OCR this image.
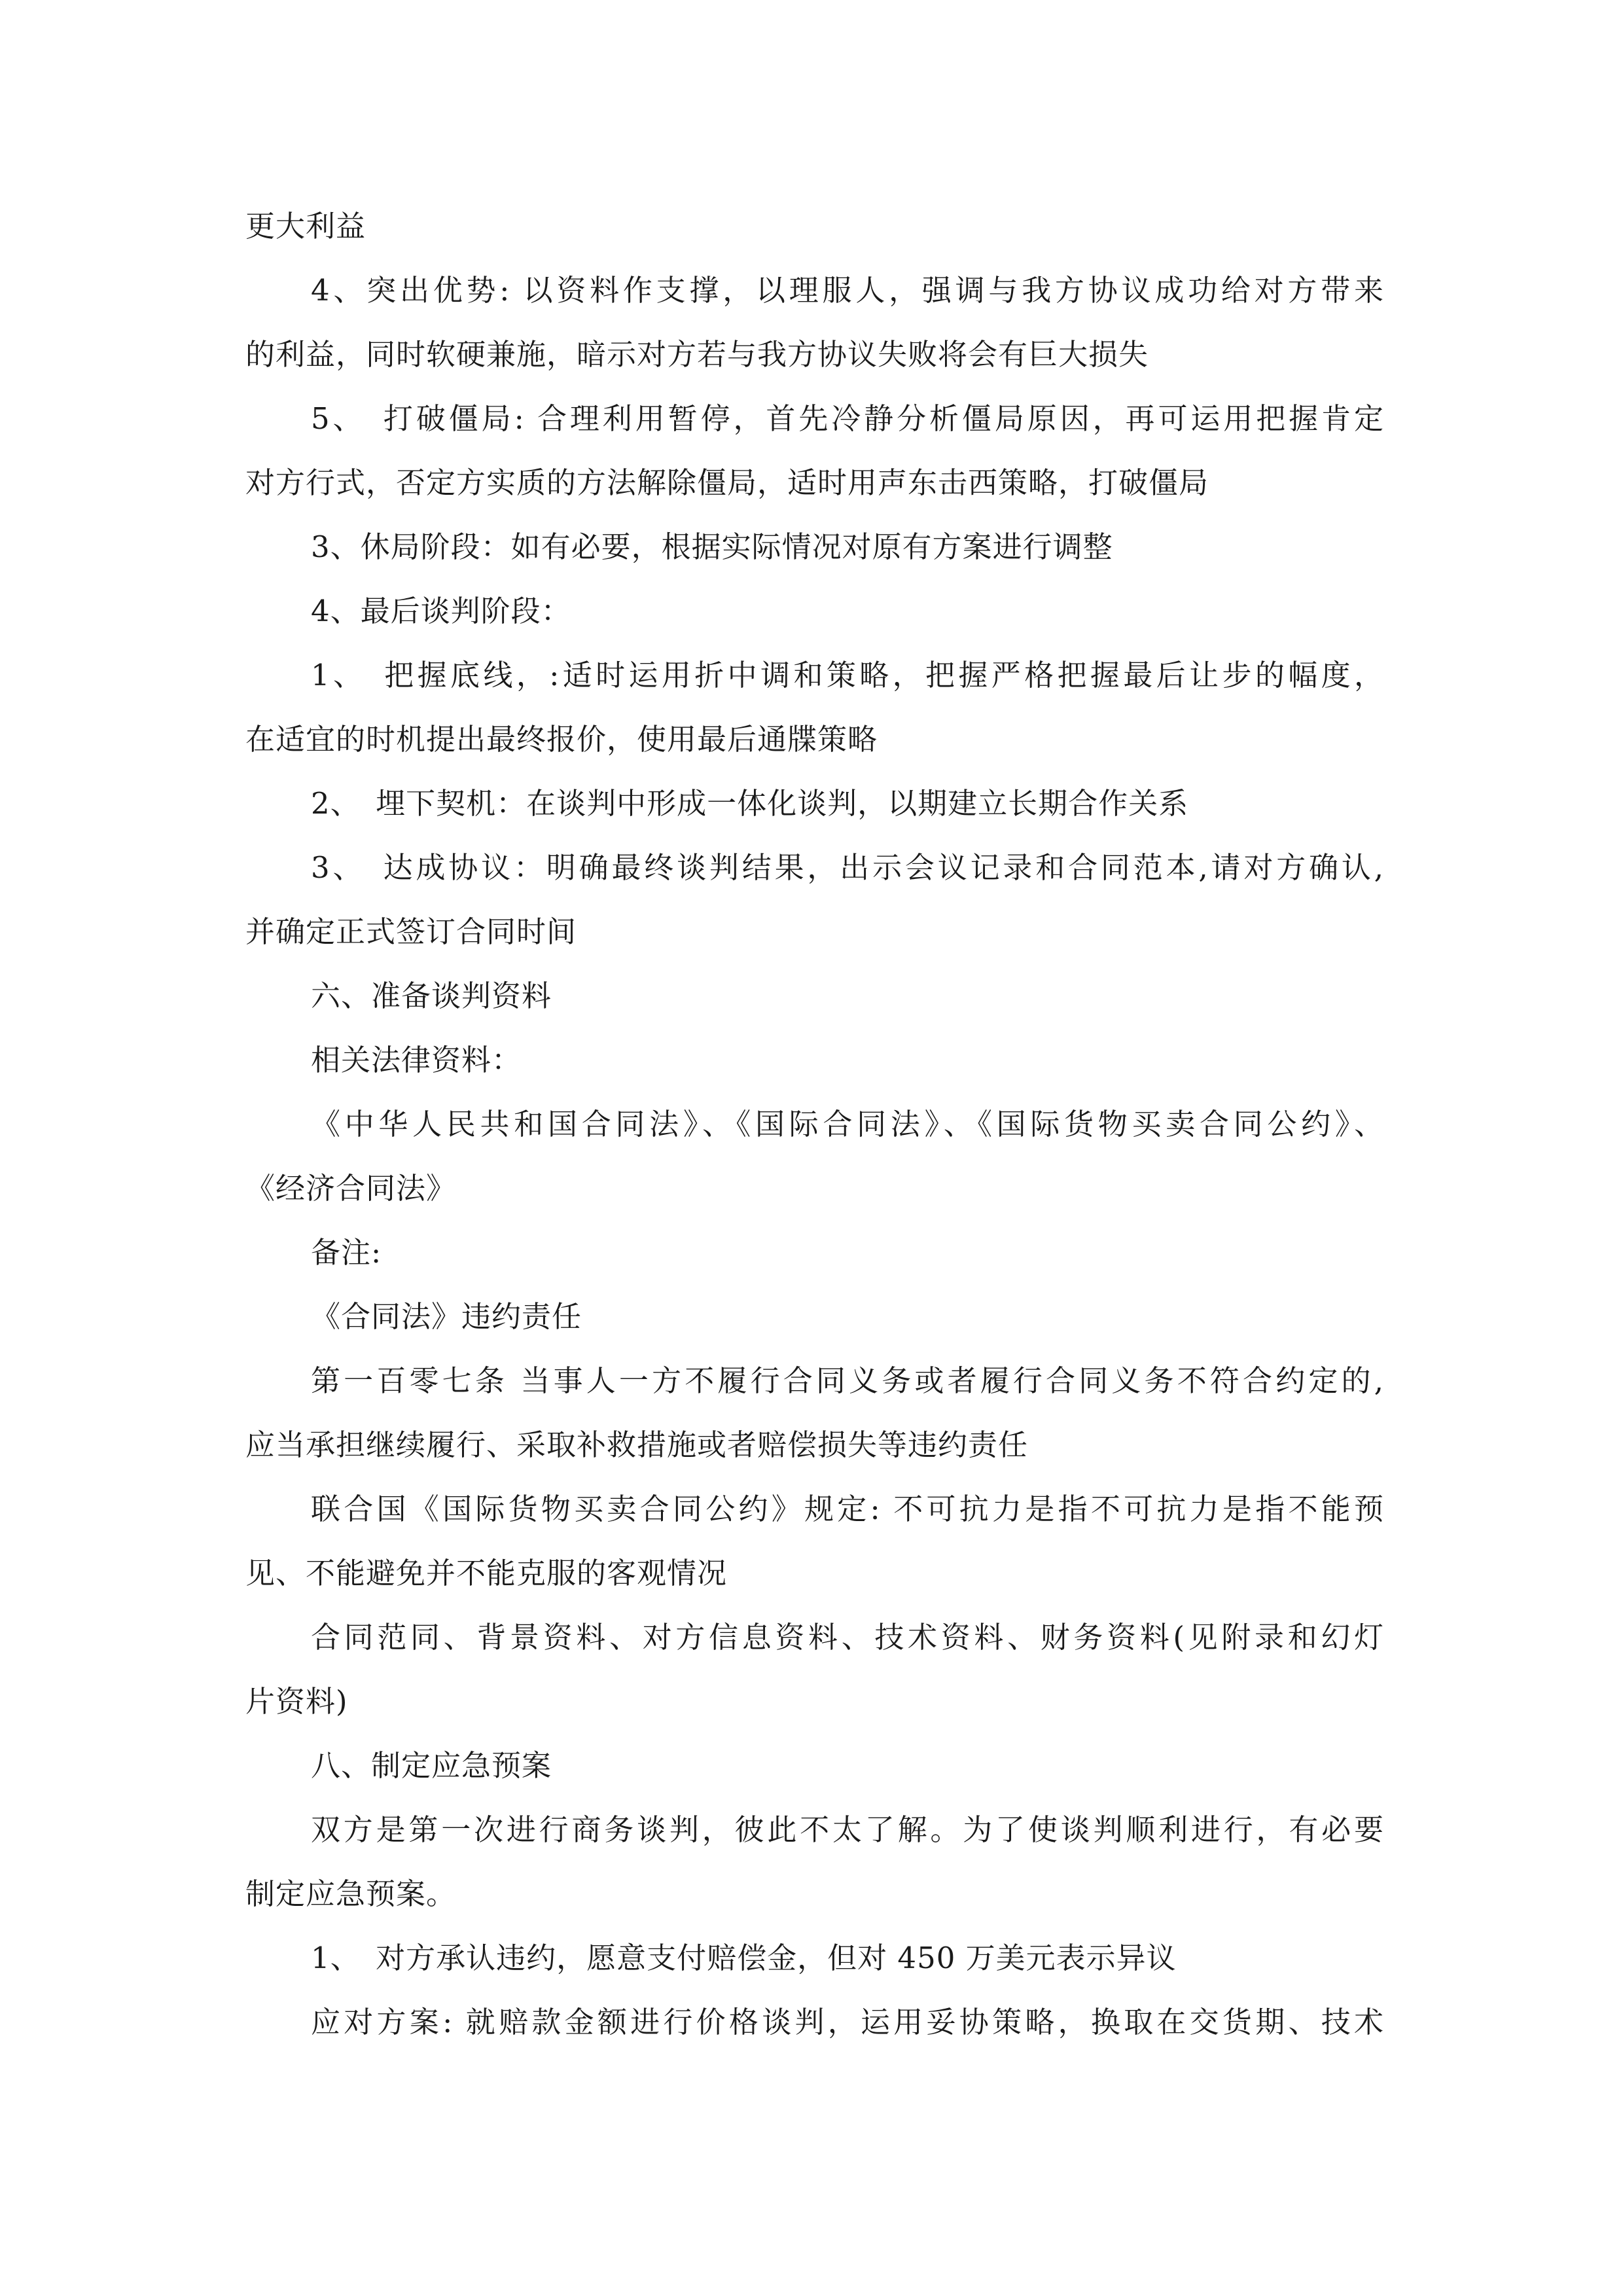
更大利益
4、突出优势: 以资料作支撑，以理服人，强调与我方协议成功给对方带来
的利益，同时软硬兼施，暗示对方若与我方协议失败将会有巨大损失
5、　打破僵局: 合理利用暂停，首先冷静分析僵局原因，再可运用把握肯定
对方行式，否定方实质的方法解除僵局，适时用声东击西策略，打破僵局
3、休局阶段：如有必要，根据实际情况对原有方案进行调整
4、最后谈判阶段：
1、　把握底线，:适时运用折中调和策略，把握严格把握最后让步的幅度，
在适宜的时机提出最终报价，使用最后通牒策略
2、　埋下契机：在谈判中形成一体化谈判，以期建立长期合作关系
3、　达成协议：明确最终谈判结果，出示会议记录和合同范本,请对方确认,
并确定正式签订合同时间
六、准备谈判资料
相关法律资料：
《中华人民共和国合同法》、《国际合同法》、《国际货物买卖合同公约》、
《经济合同法》
备注:
《合同法》违约责任
第一百零七条 当事人一方不履行合同义务或者履行合同义务不符合约定的,
应当承担继续履行、采取补救措施或者赔偿损失等违约责任
联合国《国际货物买卖合同公约》规定: 不可抗力是指不可抗力是指不能预
见、不能避免并不能克服的客观情况
合同范同、背景资料、对方信息资料、技术资料、财务资料(见附录和幻灯
片资料)
八、制定应急预案
双方是第一次进行商务谈判，彼此不太了解。为了使谈判顺利进行，有必要
制定应急预案。
1、　对方承认违约，愿意支付赔偿金，但对 450 万美元表示异议
应对方案: 就赔款金额进行价格谈判，运用妥协策略，换取在交货期、技术
